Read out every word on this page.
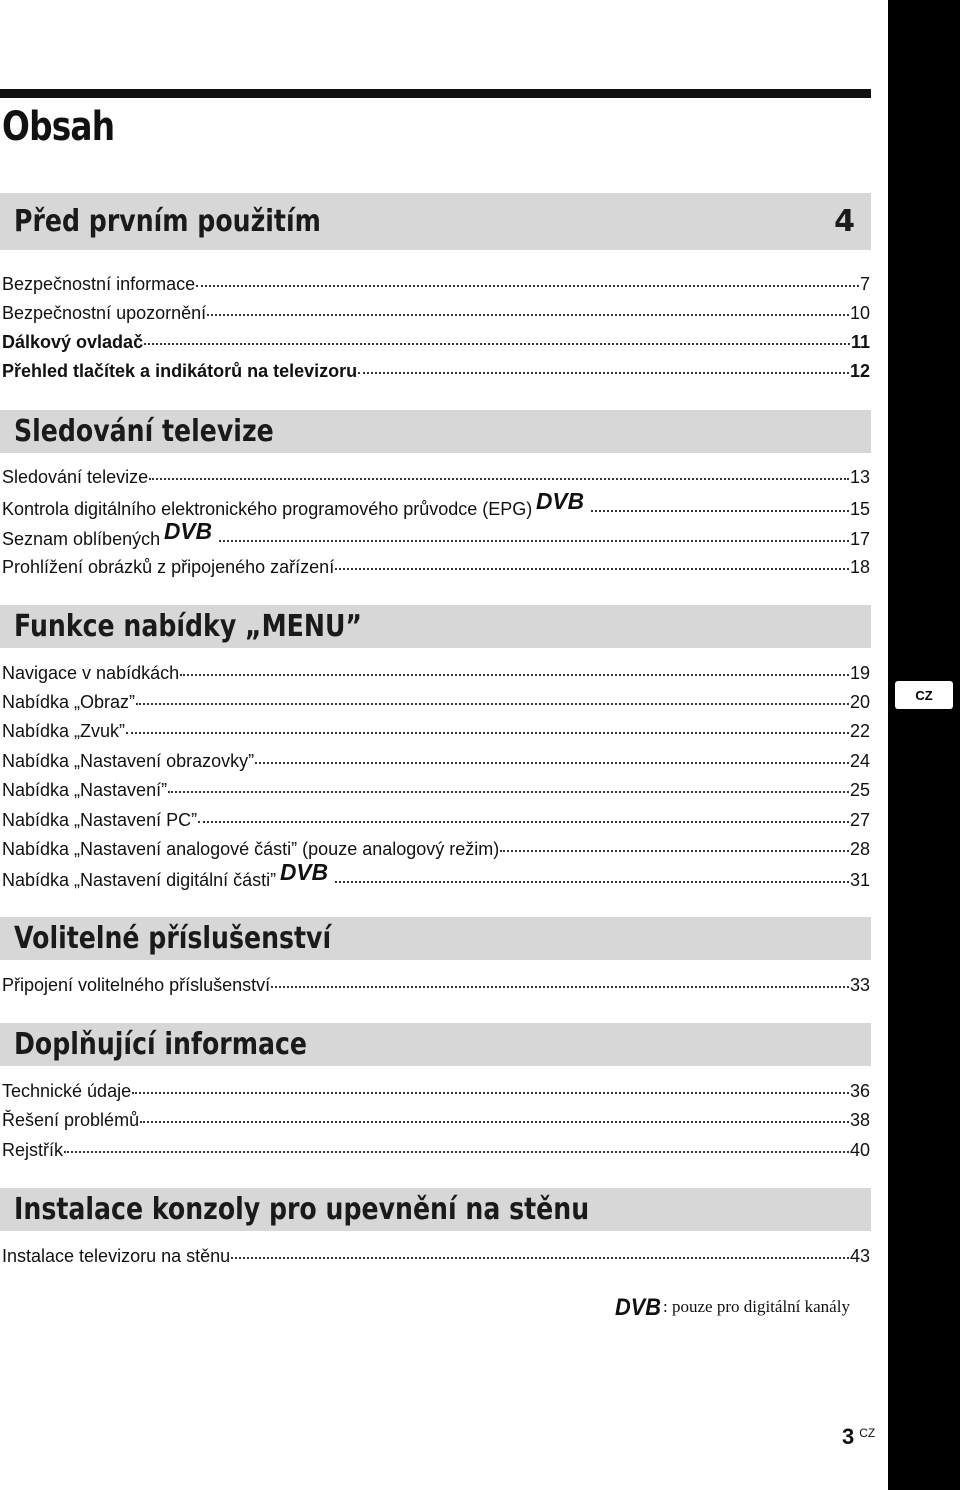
CZ
Obsah
Před prvním použitím	4
Bezpečnostní informace	7
Bezpečnostní upozornění	10
Dálkový ovladač	11
Přehled tlačítek a indikátorů na televizoru	12
Sledování televize
Sledování televize	13
Kontrola digitálního elektronického programového průvodce (EPG) DVB	15
Seznam oblíbených DVB	17
Prohlížení obrázků z připojeného zařízení	18
Funkce nabídky „MENU”
Navigace v nabídkách	19
Nabídka „Obraz”	20
Nabídka „Zvuk”	22
Nabídka „Nastavení obrazovky”	24
Nabídka „Nastavení”	25
Nabídka „Nastavení PC”	27
Nabídka „Nastavení analogové části” (pouze analogový režim)	28
Nabídka „Nastavení digitální části” DVB	31
Volitelné příslušenství
Připojení volitelného příslušenství	33
Doplňující informace
Technické údaje	36
Řešení problémů	38
Rejstřík	40
Instalace konzoly pro upevnění na stěnu
Instalace televizoru na stěnu	43
DVB : pouze pro digitální kanály
3 CZ
